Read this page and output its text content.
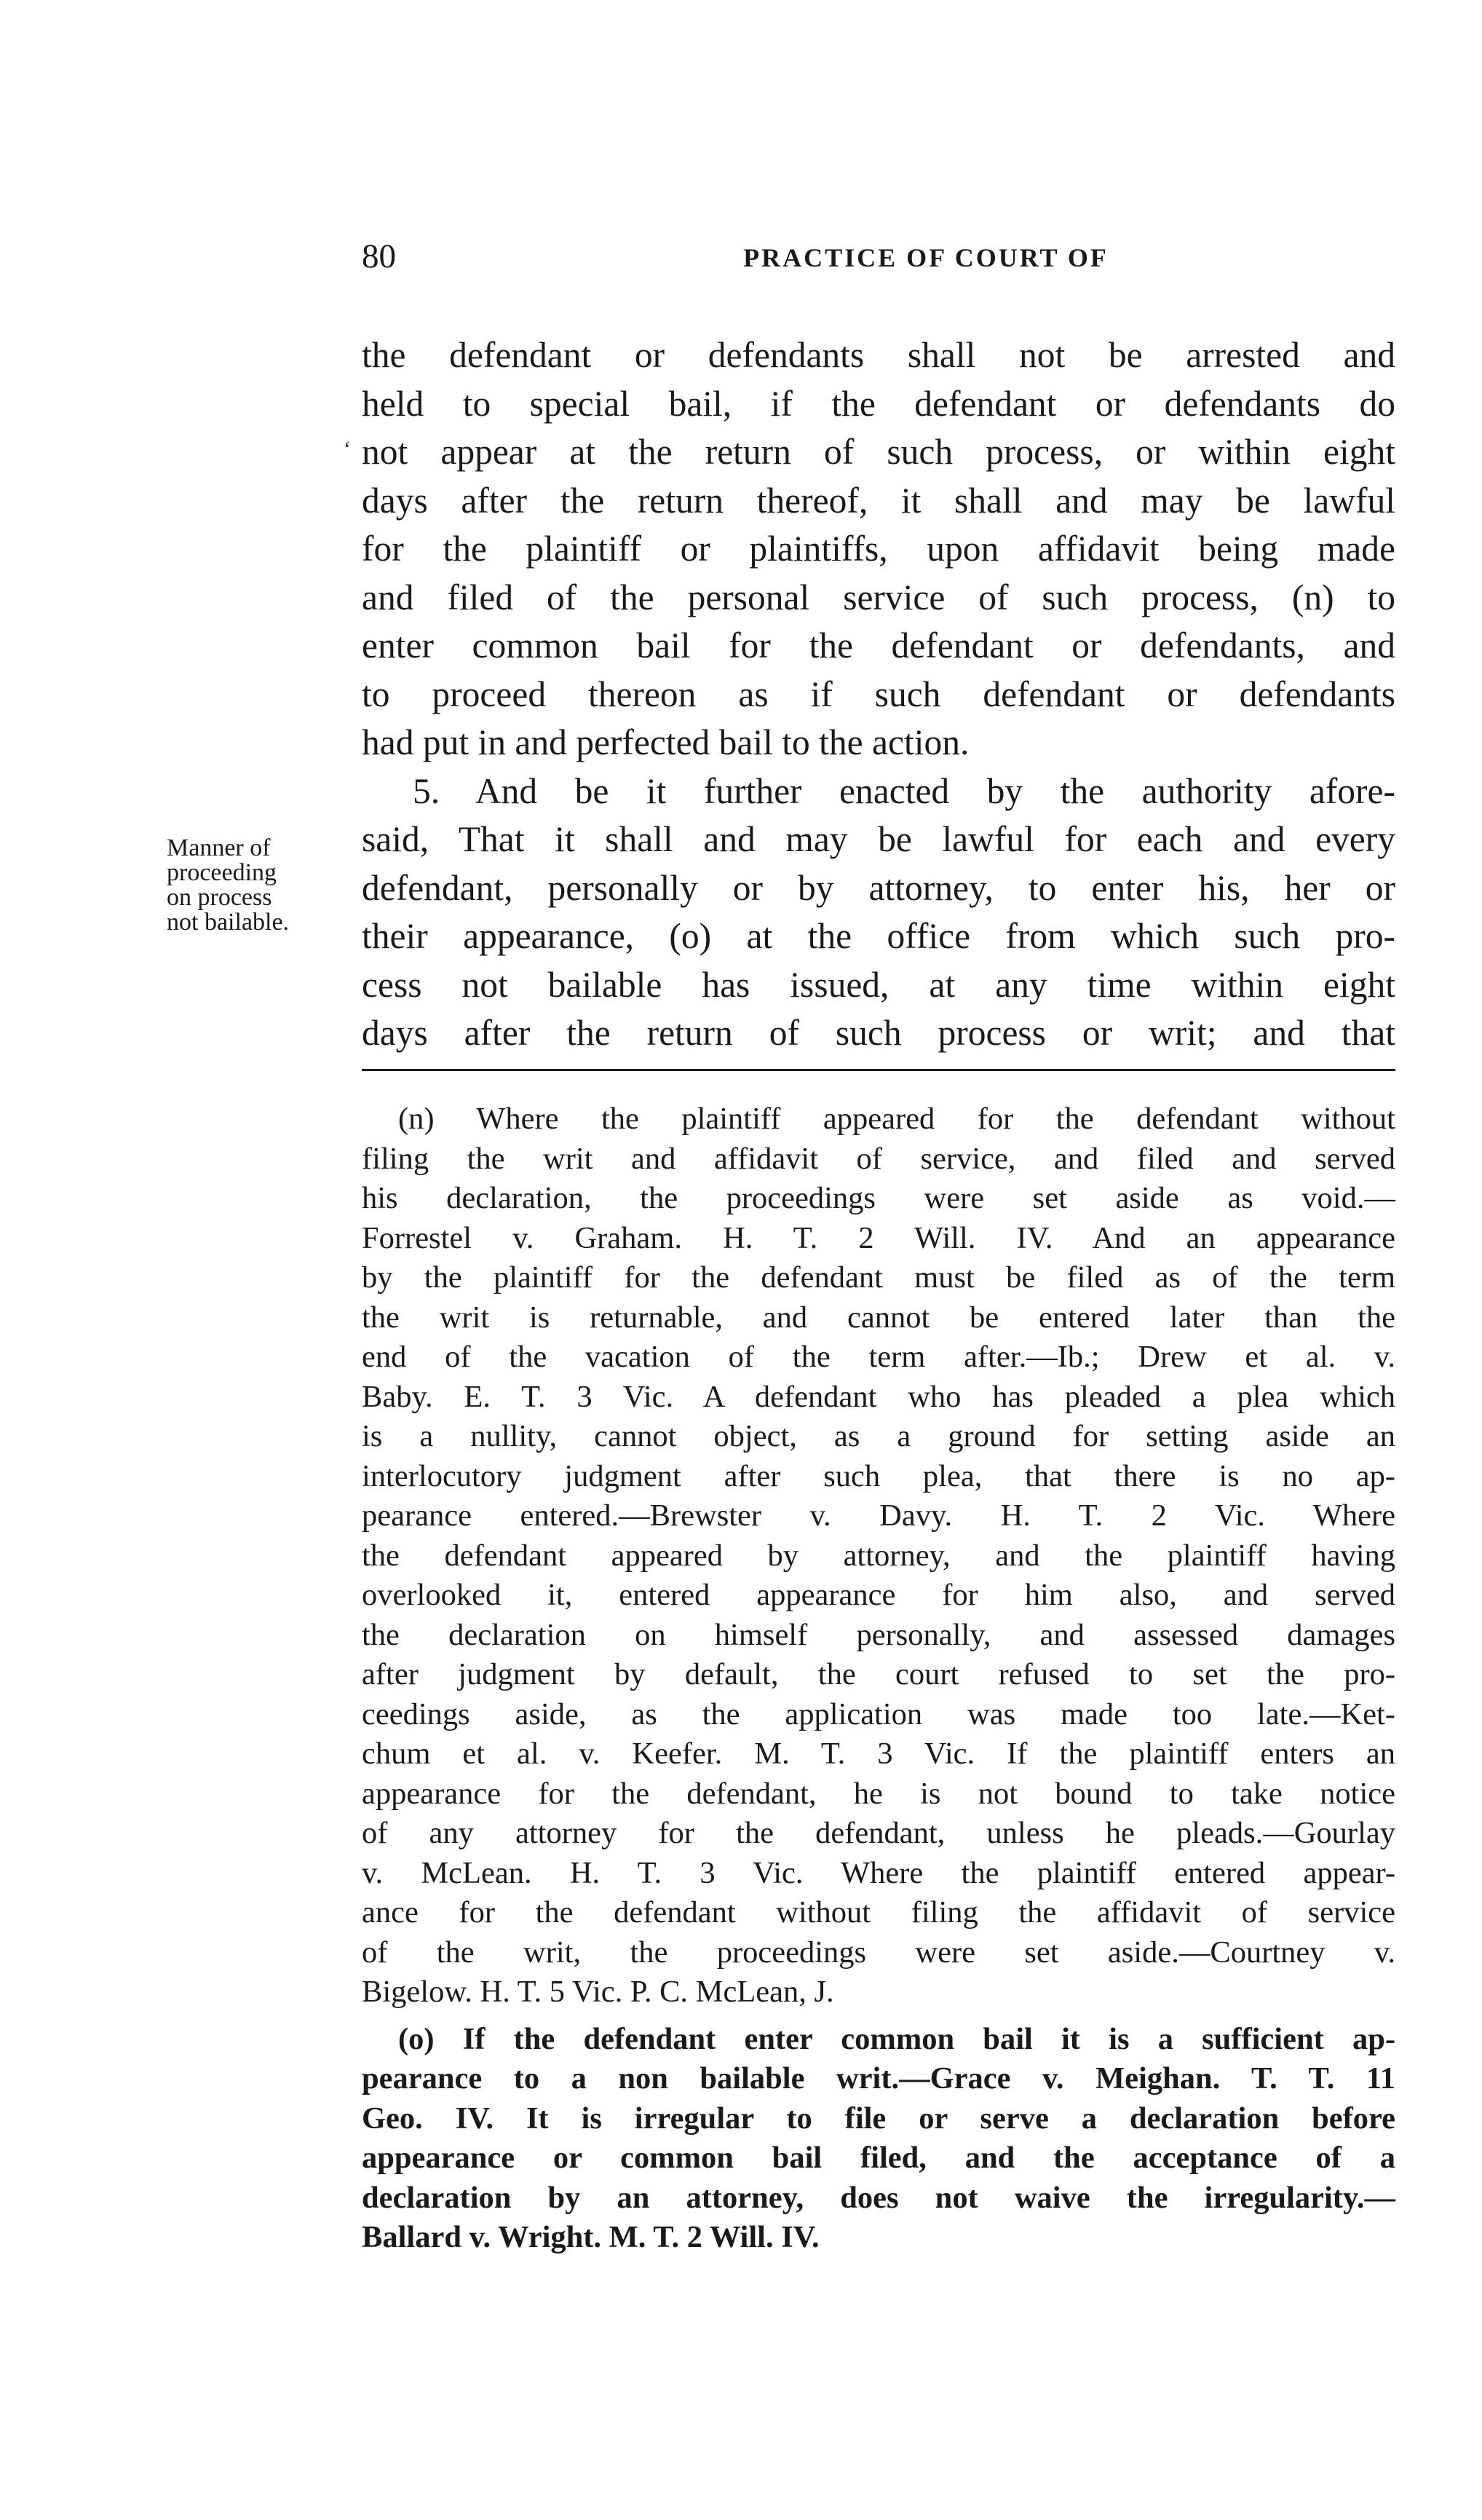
80	PRACTICE OF COURT OF
ʻ
the defendant or defendants shall not be arrested and
held to special bail, if the defendant or defendants do
not appear at the return of such process, or within eight
days after the return thereof, it shall and may be lawful
for the plaintiff or plaintiffs, upon affidavit being made
and filed of the personal service of such process, (n) to
enter common bail for the defendant or defendants, and
to proceed thereon as if such defendant or defendants
had put in and perfected bail to the action.
5. And be it further enacted by the authority afore-
said, That it shall and may be lawful for each and every
defendant, personally or by attorney, to enter his, her or
their appearance, (o) at the office from which such pro-
cess not bailable has issued, at any time within eight
days after the return of such process or writ; and that
Manner of
proceeding
on process
not bailable.
(n) Where the plaintiff appeared for the defendant without
filing the writ and affidavit of service, and filed and served
his declaration, the proceedings were set aside as void.—
Forrestel v. Graham. H. T. 2 Will. IV. And an appearance
by the plaintiff for the defendant must be filed as of the term
the writ is returnable, and cannot be entered later than the
end of the vacation of the term after.—Ib.; Drew et al. v.
Baby. E. T. 3 Vic. A defendant who has pleaded a plea which
is a nullity, cannot object, as a ground for setting aside an
interlocutory judgment after such plea, that there is no ap-
pearance entered.—Brewster v. Davy. H. T. 2 Vic. Where
the defendant appeared by attorney, and the plaintiff having
overlooked it, entered appearance for him also, and served
the declaration on himself personally, and assessed damages
after judgment by default, the court refused to set the pro-
ceedings aside, as the application was made too late.—Ket-
chum et al. v. Keefer. M. T. 3 Vic. If the plaintiff enters an
appearance for the defendant, he is not bound to take notice
of any attorney for the defendant, unless he pleads.—Gourlay
v. McLean. H. T. 3 Vic. Where the plaintiff entered appear-
ance for the defendant without filing the affidavit of service
of the writ, the proceedings were set aside.—Courtney v.
Bigelow. H. T. 5 Vic. P. C. McLean, J.
(o) If the defendant enter common bail it is a sufficient ap-
pearance to a non bailable writ.—Grace v. Meighan. T. T. 11
Geo. IV. It is irregular to file or serve a declaration before
appearance or common bail filed, and the acceptance of a
declaration by an attorney, does not waive the irregularity.—
Ballard v. Wright. M. T. 2 Will. IV.
